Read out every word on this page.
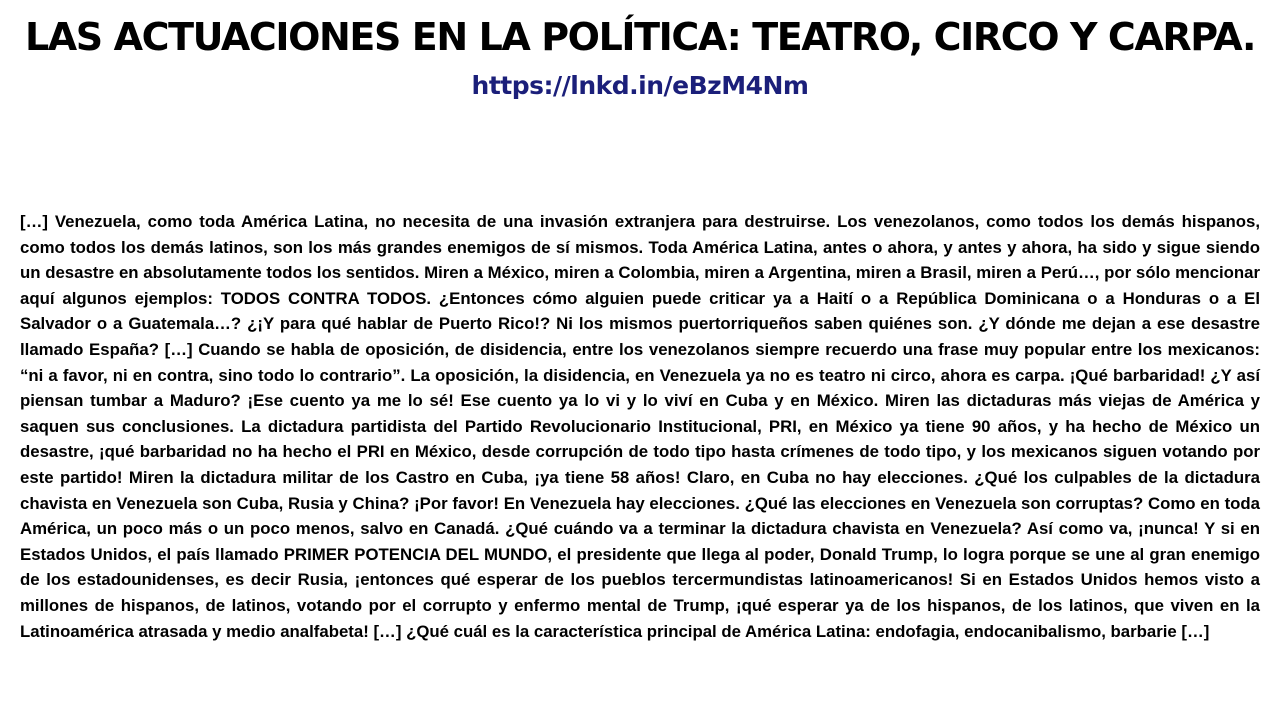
LAS ACTUACIONES EN LA POLÍTICA: TEATRO, CIRCO Y CARPA.
https://lnkd.in/eBzM4Nm

[…] Venezuela, como toda América Latina, no necesita de una invasión extranjera para destruirse. Los venezolanos, como todos los demás hispanos, como todos los demás latinos, son los más grandes enemigos de sí mismos. Toda América Latina, antes o ahora, y antes y ahora, ha sido y sigue siendo un desastre en absolutamente todos los sentidos. Miren a México, miren a Colombia, miren a Argentina, miren a Brasil, miren a Perú…, por sólo mencionar aquí algunos ejemplos: TODOS CONTRA TODOS. ¿Entonces cómo alguien puede criticar ya a Haití o a República Dominicana o a Honduras o a El Salvador o a Guatemala…? ¿¡Y para qué hablar de Puerto Rico!? Ni los mismos puertorriqueños saben quiénes son. ¿Y dónde me dejan a ese desastre llamado España? […] Cuando se habla de oposición, de disidencia, entre los venezolanos siempre recuerdo una frase muy popular entre los mexicanos: “ni a favor, ni en contra, sino todo lo contrario”. La oposición, la disidencia, en Venezuela ya no es teatro ni circo, ahora es carpa. ¡Qué barbaridad! ¿Y así piensan tumbar a Maduro? ¡Ese cuento ya me lo sé! Ese cuento ya lo vi y lo viví en Cuba y en México. Miren las dictaduras más viejas de América y saquen sus conclusiones. La dictadura partidista del Partido Revolucionario Institucional, PRI, en México ya tiene 90 años, y ha hecho de México un desastre, ¡qué barbaridad no ha hecho el PRI en México, desde corrupción de todo tipo hasta crímenes de todo tipo, y los mexicanos siguen votando por este partido! Miren la dictadura militar de los Castro en Cuba, ¡ya tiene 58 años! Claro, en Cuba no hay elecciones. ¿Qué los culpables de la dictadura chavista en Venezuela son Cuba, Rusia y China? ¡Por favor! En Venezuela hay elecciones. ¿Qué las elecciones en Venezuela son corruptas? Como en toda América, un poco más o un poco menos, salvo en Canadá. ¿Qué cuándo va a terminar la dictadura chavista en Venezuela? Así como va, ¡nunca! Y si en Estados Unidos, el país llamado PRIMER POTENCIA DEL MUNDO, el presidente que llega al poder, Donald Trump, lo logra porque se une al gran enemigo de los estadounidenses, es decir Rusia, ¡entonces qué esperar de los pueblos tercermundistas latinoamericanos! Si en Estados Unidos hemos visto a millones de hispanos, de latinos, votando por el corrupto y enfermo mental de Trump, ¡qué esperar ya de los hispanos, de los latinos, que viven en la Latinoamérica atrasada y medio analfabeta! […] ¿Qué cuál es la característica principal de América Latina: endofagia, endocanibalismo, barbarie […]
